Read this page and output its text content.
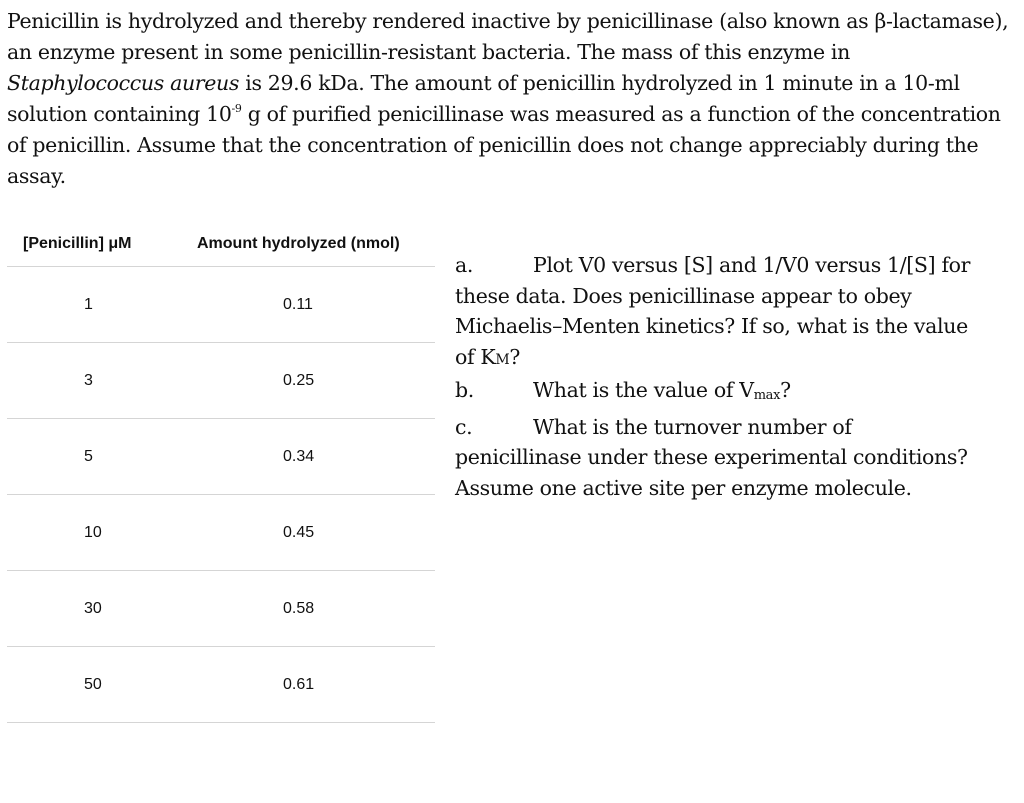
Penicillin is hydrolyzed and thereby rendered inactive by penicillinase (also known as β-lactamase), an enzyme present in some penicillin-resistant bacteria. The mass of this enzyme in Staphylococcus aureus is 29.6 kDa. The amount of penicillin hydrolyzed in 1 minute in a 10-ml solution containing $10^{-9}$ g of purified penicillinase was measured as a function of the concentration of penicillin. Assume that the concentration of penicillin does not change appreciably during the assay.

[Penicillin] μM	Amount hydrolyzed (nmol)
1	0.11
3	0.25
5	0.34
10	0.45
30	0.58
50	0.61
a.	Plot V0 versus [S] and 1/V0 versus 1/[S] for
these data. Does penicillinase appear to obey
Michaelis–Menten kinetics? If so, what is the value
of KM?
b.	What is the value of Vmax?
c.	What is the turnover number of
penicillinase under these experimental conditions?
Assume one active site per enzyme molecule.
